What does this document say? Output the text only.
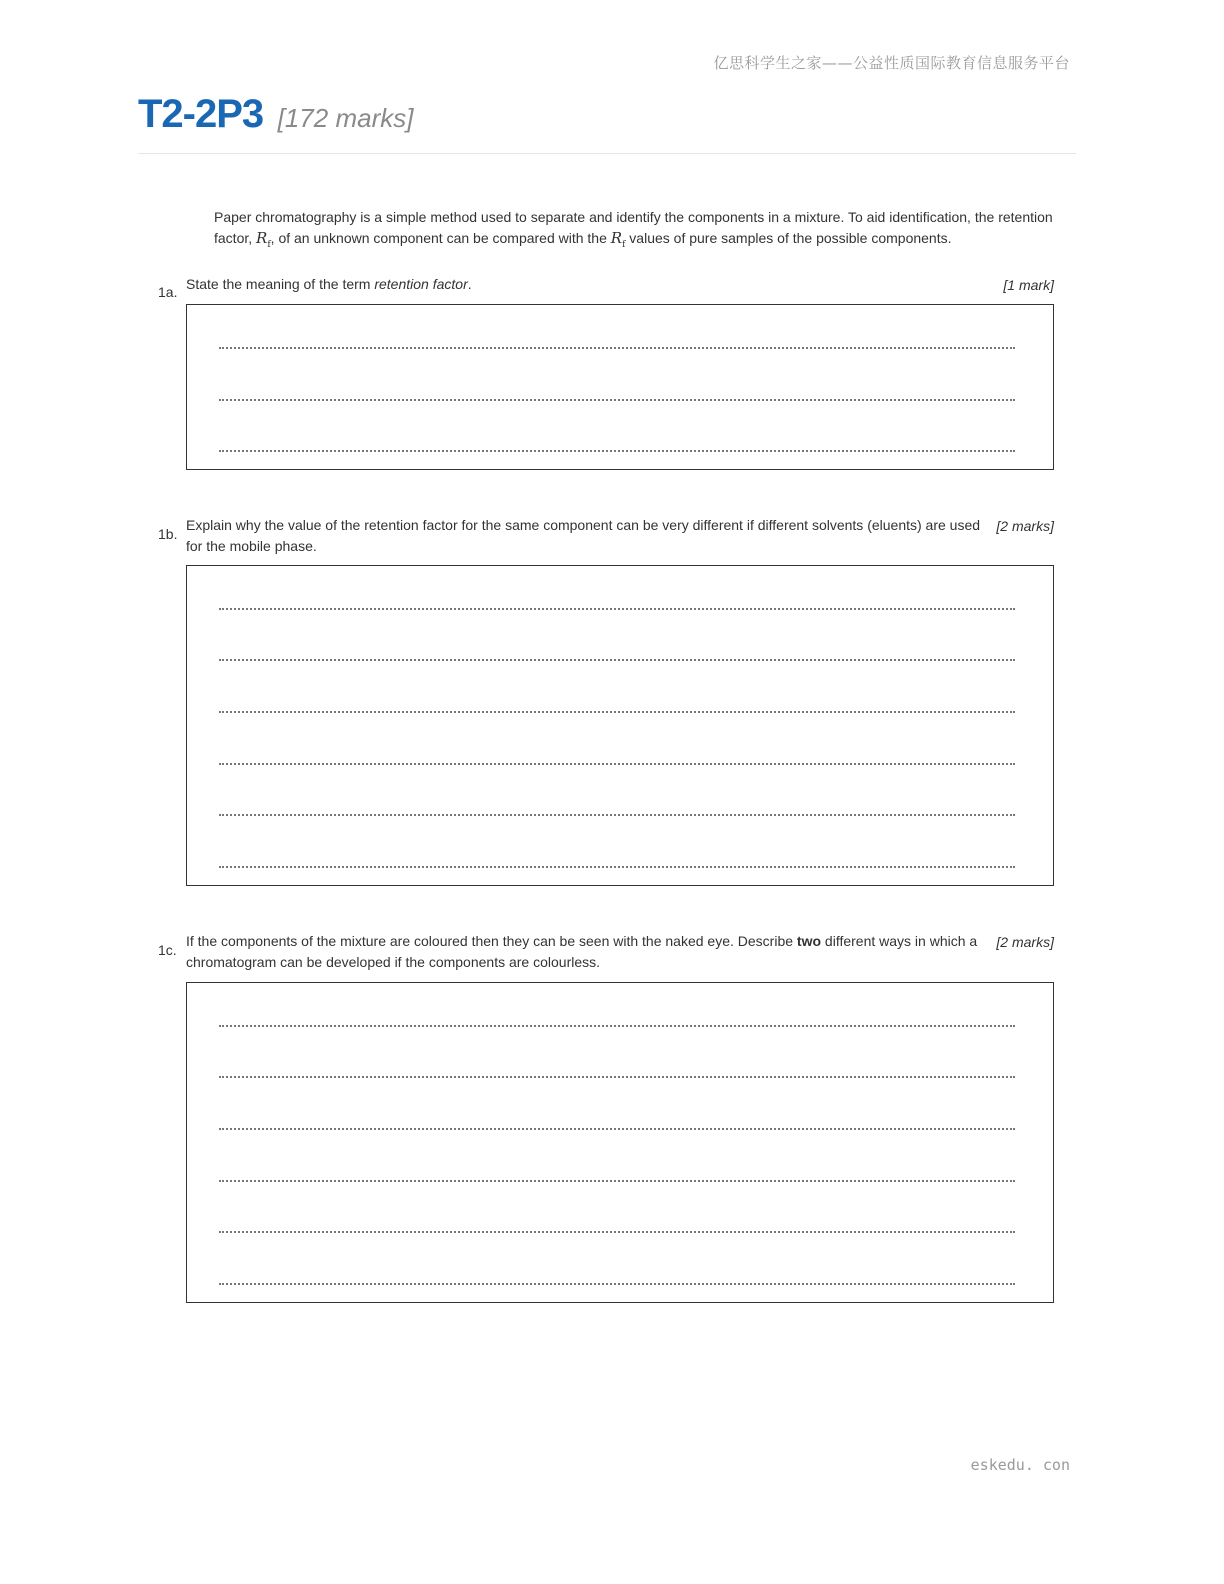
亿思科学生之家——公益性质国际教育信息服务平台
T2-2P3 [172 marks]
Paper chromatography is a simple method used to separate and identify the components in a mixture. To aid identification, the retention factor, $R_f$, of an unknown component can be compared with the $R_f$ values of pure samples of the possible components.
1a. State the meaning of the term retention factor.	[1 mark]
1b.
Explain why the value of the retention factor for the same component can be very different if different solvents (eluents) are used for the mobile phase.
[2 marks]
1c.
If the components of the mixture are coloured then they can be seen with the naked eye. Describe two different ways in which a chromatogram can be developed if the components are colourless.
[2 marks]
eskedu. con
